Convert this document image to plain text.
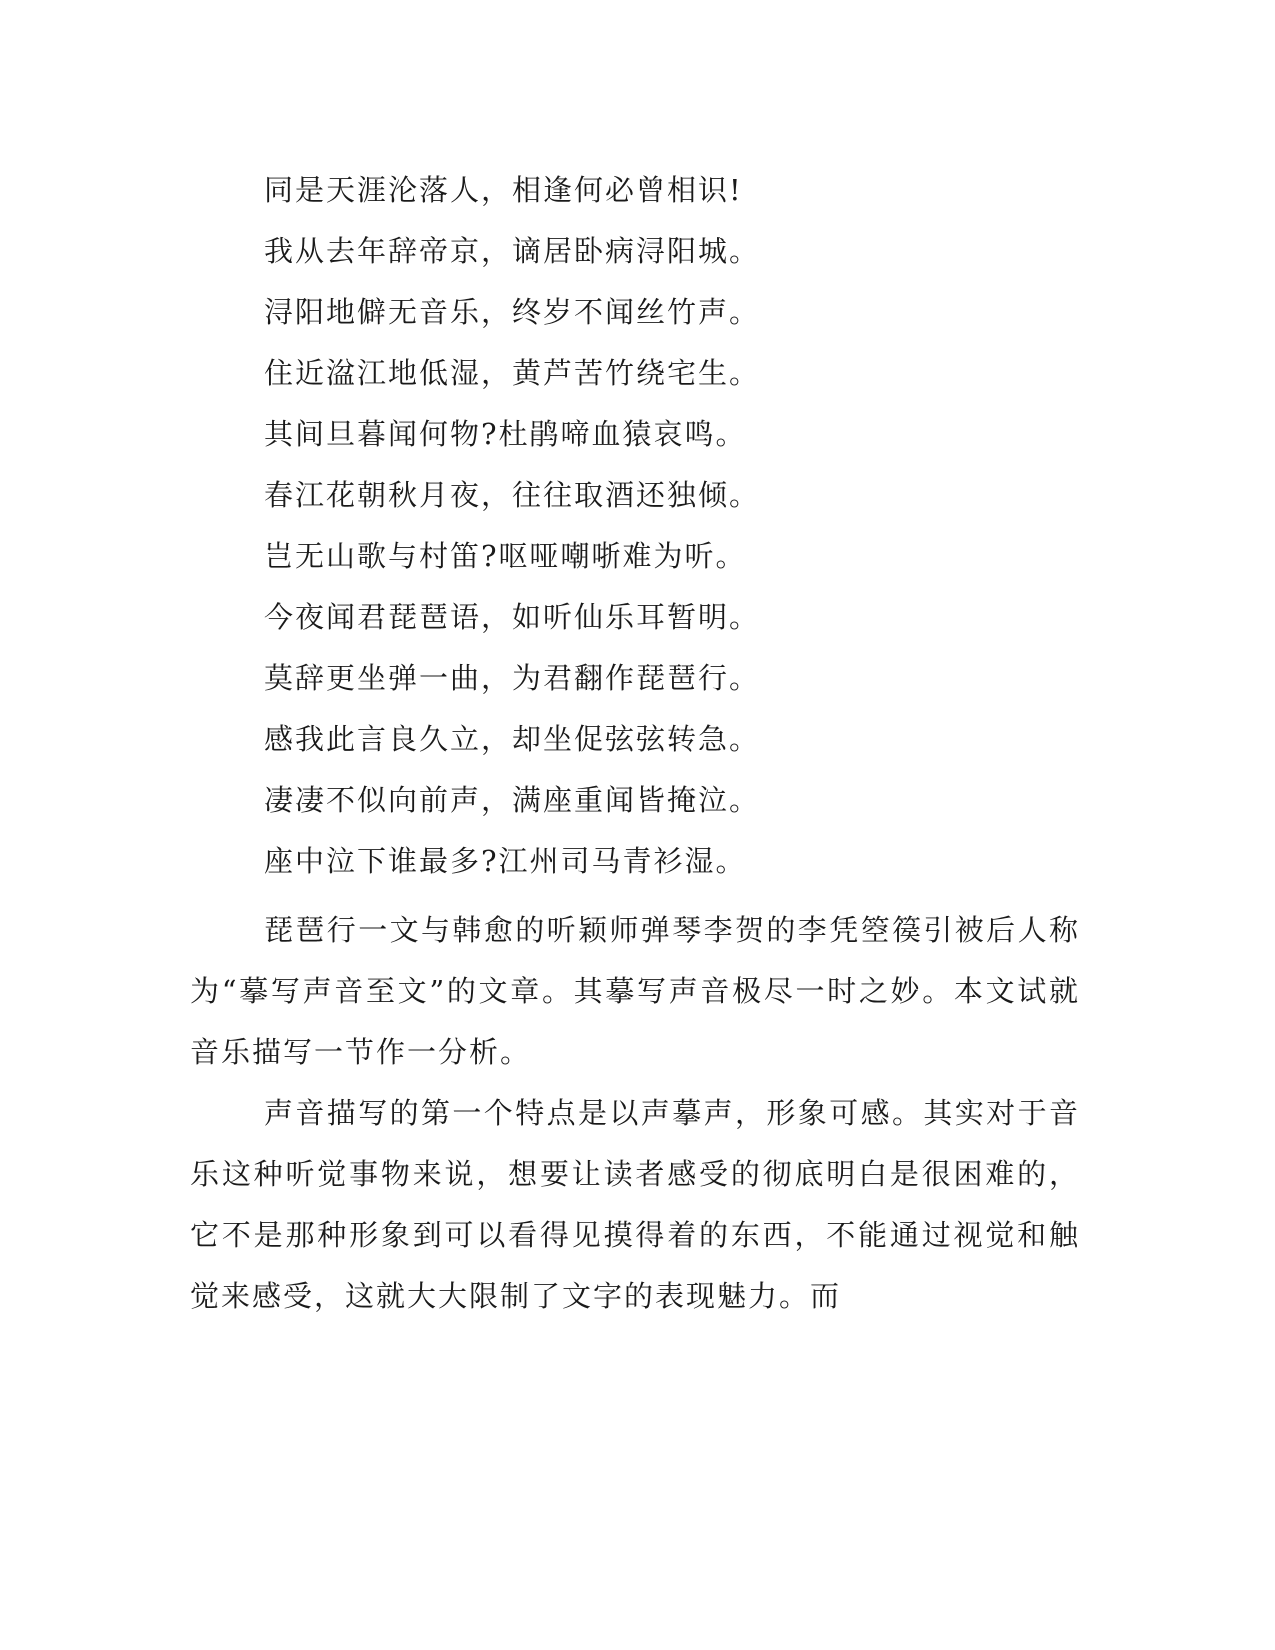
同是天涯沦落人，相逢何必曾相识!
我从去年辞帝京，谪居卧病浔阳城。
浔阳地僻无音乐，终岁不闻丝竹声。
住近湓江地低湿，黄芦苦竹绕宅生。
其间旦暮闻何物?杜鹃啼血猿哀鸣。
春江花朝秋月夜，往往取酒还独倾。
岂无山歌与村笛?呕哑嘲哳难为听。
今夜闻君琵琶语，如听仙乐耳暂明。
莫辞更坐弹一曲，为君翻作琵琶行。
感我此言良久立，却坐促弦弦转急。
凄凄不似向前声，满座重闻皆掩泣。
座中泣下谁最多?江州司马青衫湿。

琵琶行一文与韩愈的听颖师弹琴李贺的李凭箜篌引被后人称为“摹写声音至文”的文章。其摹写声音极尽一时之妙。本文试就音乐描写一节作一分析。

声音描写的第一个特点是以声摹声，形象可感。其实对于音乐这种听觉事物来说，想要让读者感受的彻底明白是很困难的，它不是那种形象到可以看得见摸得着的东西，不能通过视觉和触觉来感受，这就大大限制了文字的表现魅力。而
